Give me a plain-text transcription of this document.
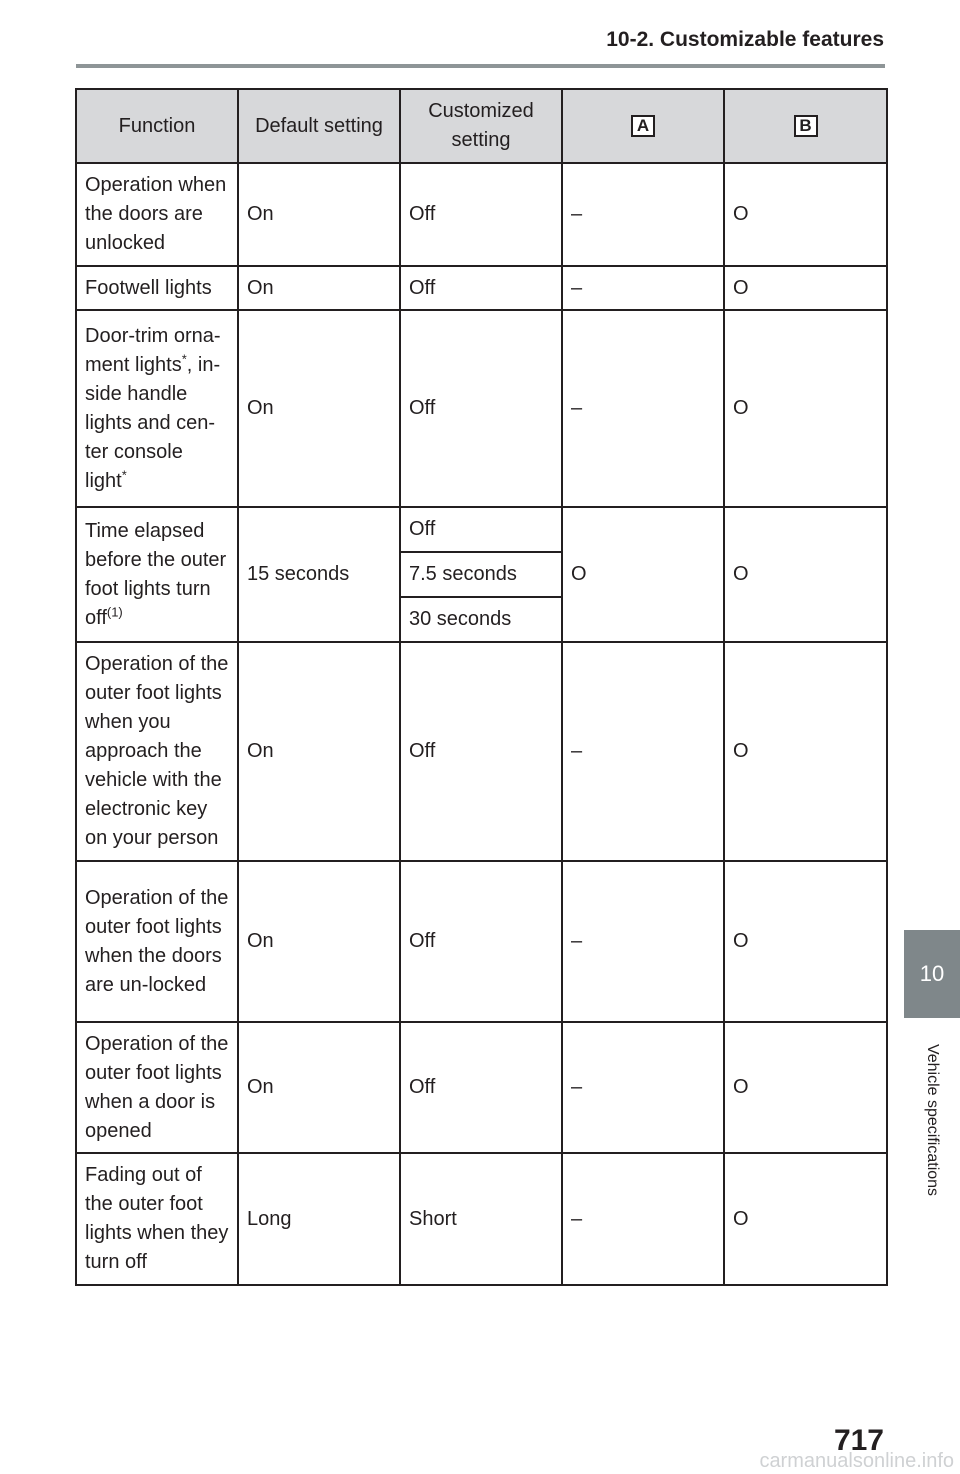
10-2. Customizable features
Function	Default setting	Customized setting	A	B
Operation when the doors are unlocked	On	Off	–	O
Footwell lights	On	Off	–	O
Door-trim orna-ment lights*, in-side handle lights and cen-ter console light*	On	Off	–	O
Time elapsed before the outer foot lights turn off$^{(1)}$	15 seconds	Off	O	O
		7.5 seconds		
		30 seconds		
Operation of the outer foot lights when you approach the vehicle with the electronic key on your person	On	Off	–	O
Operation of the outer foot lights when the doors are un-locked	On	Off	–	O
Operation of the outer foot lights when a door is opened	On	Off	–	O
Fading out of the outer foot lights when they turn off	Long	Short	–	O
10
Vehicle specifications
717
carmanualsonline.info
